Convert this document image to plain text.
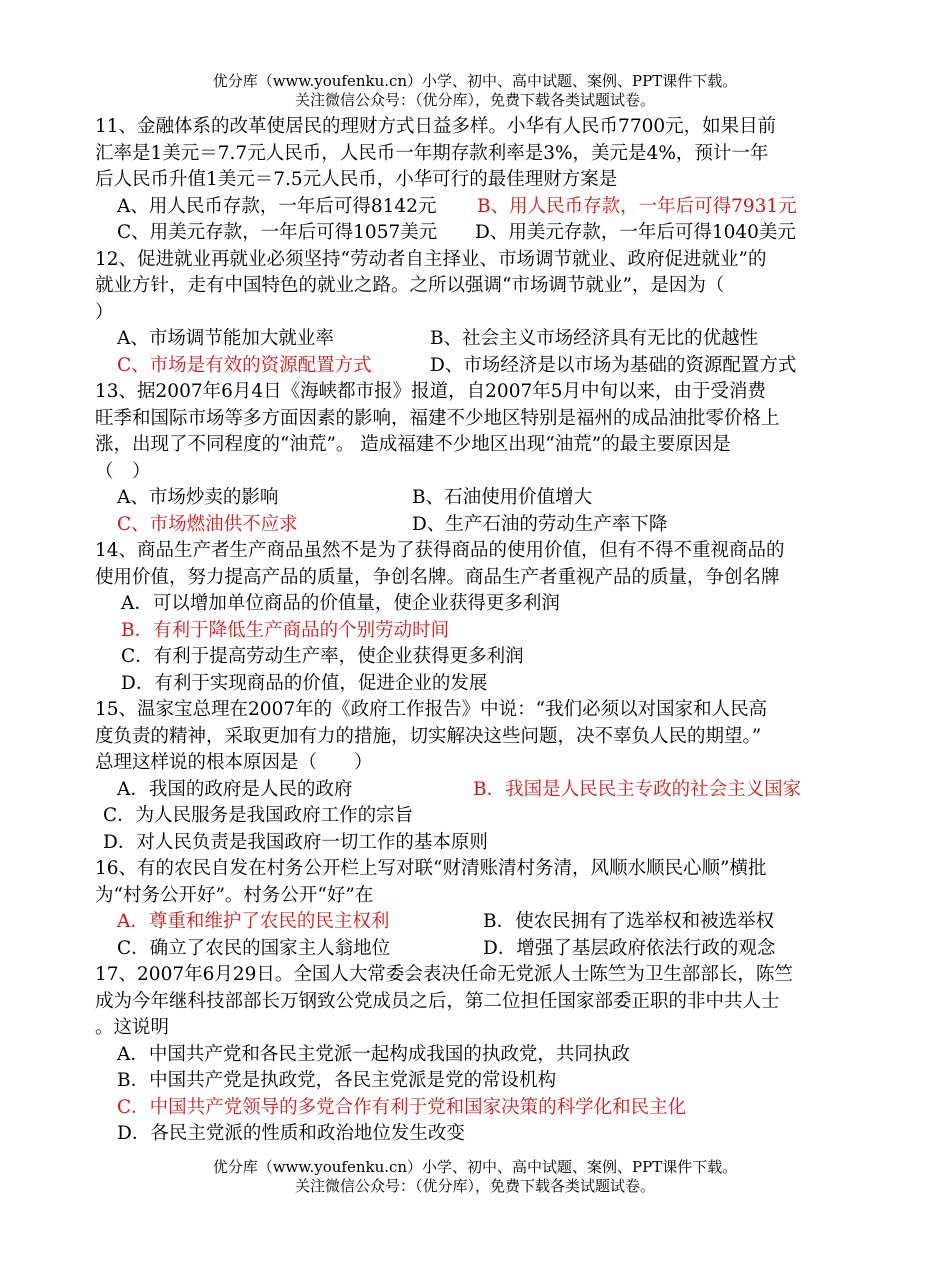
优分库（www.youfenku.cn）小学、初中、高中试题、案例、PPT课件下载。
关注微信公众号：（优分库），免费下载各类试题试卷。
11、金融体系的改革使居民的理财方式日益多样。小华有人民币7700元，如果目前
汇率是1美元＝7.7元人民币，人民币一年期存款利率是3%，美元是4%，预计一年
后人民币升值1美元＝7.5元人民币，小华可行的最佳理财方案是
A、用人民币存款，一年后可得8142元 B、用人民币存款，一年后可得7931元
C、用美元存款，一年后可得1057美元 D、用美元存款，一年后可得1040美元
12、促进就业再就业必须坚持“劳动者自主择业、市场调节就业、政府促进就业”的
就业方针，走有中国特色的就业之路。之所以强调“市场调节就业”，是因为（
）
A、市场调节能加大就业率	B、社会主义市场经济具有无比的优越性
C、市场是有效的资源配置方式	D、市场经济是以市场为基础的资源配置方式
13、据2007年6月4日《海峡都市报》报道，自2007年5月中旬以来，由于受消费
旺季和国际市场等多方面因素的影响，福建不少地区特别是福州的成品油批零价格上
涨，出现了不同程度的“油荒”。 造成福建不少地区出现“油荒”的最主要原因是
（　）
A、市场炒卖的影响	B、石油使用价值增大
C、市场燃油供不应求	D、生产石油的劳动生产率下降
14、商品生产者生产商品虽然不是为了获得商品的使用价值，但有不得不重视商品的
使用价值，努力提高产品的质量，争创名牌。商品生产者重视产品的质量，争创名牌
A．可以增加单位商品的价值量，使企业获得更多利润
B．有利于降低生产商品的个别劳动时间
C．有利于提高劳动生产率，使企业获得更多利润
D．有利于实现商品的价值，促进企业的发展
15、温家宝总理在2007年的《政府工作报告》中说：“我们必须以对国家和人民高
度负责的精神，采取更加有力的措施，切实解决这些问题，决不辜负人民的期望。”
总理这样说的根本原因是（　　）
A．我国的政府是人民的政府	B．我国是人民民主专政的社会主义国家
C．为人民服务是我国政府工作的宗旨
D．对人民负责是我国政府一切工作的基本原则
16、有的农民自发在村务公开栏上写对联“财清账清村务清，风顺水顺民心顺”横批
为“村务公开好”。村务公开“好”在
A．尊重和维护了农民的民主权利	B．使农民拥有了选举权和被选举权
C．确立了农民的国家主人翁地位	D．增强了基层政府依法行政的观念
17、2007年6月29日。全国人大常委会表决任命无党派人士陈竺为卫生部部长，陈竺
成为今年继科技部部长万钢致公党成员之后，第二位担任国家部委正职的非中共人士
。这说明
A．中国共产党和各民主党派一起构成我国的执政党，共同执政
B．中国共产党是执政党，各民主党派是党的常设机构
C．中国共产党领导的多党合作有利于党和国家决策的科学化和民主化
D．各民主党派的性质和政治地位发生改变
优分库（www.youfenku.cn）小学、初中、高中试题、案例、PPT课件下载。
关注微信公众号：（优分库），免费下载各类试题试卷。
